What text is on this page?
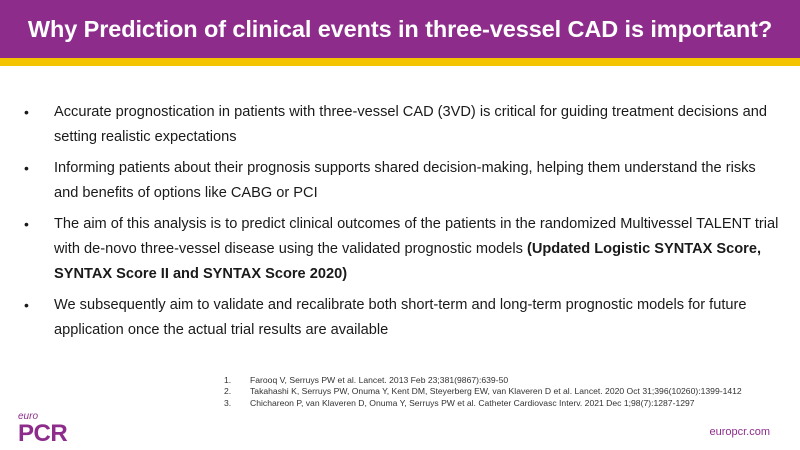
Why Prediction of clinical events in three-vessel CAD is important?
• Accurate prognostication in patients with three-vessel CAD (3VD) is critical for guiding treatment decisions and setting realistic expectations
• Informing patients about their prognosis supports shared decision-making, helping them understand the risks and benefits of options like CABG or PCI
• The aim of this analysis is to predict clinical outcomes of the patients in the randomized Multivessel TALENT trial with de-novo three-vessel disease using the validated prognostic models (Updated Logistic SYNTAX Score, SYNTAX Score II and SYNTAX Score 2020)
• We subsequently aim to validate and recalibrate both short-term and long-term prognostic models for future application once the actual trial results are available
1. Farooq V, Serruys PW et al. Lancet. 2013 Feb 23;381(9867):639-50
2. Takahashi K, Serruys PW, Onuma Y, Kent DM, Steyerberg EW, van Klaveren D et al. Lancet. 2020 Oct 31;396(10260):1399-1412
3. Chichareon P, van Klaveren D, Onuma Y, Serruys PW et al. Catheter Cardiovasc Interv. 2021 Dec 1;98(7):1287-1297
euro
PCR	europcr.com
